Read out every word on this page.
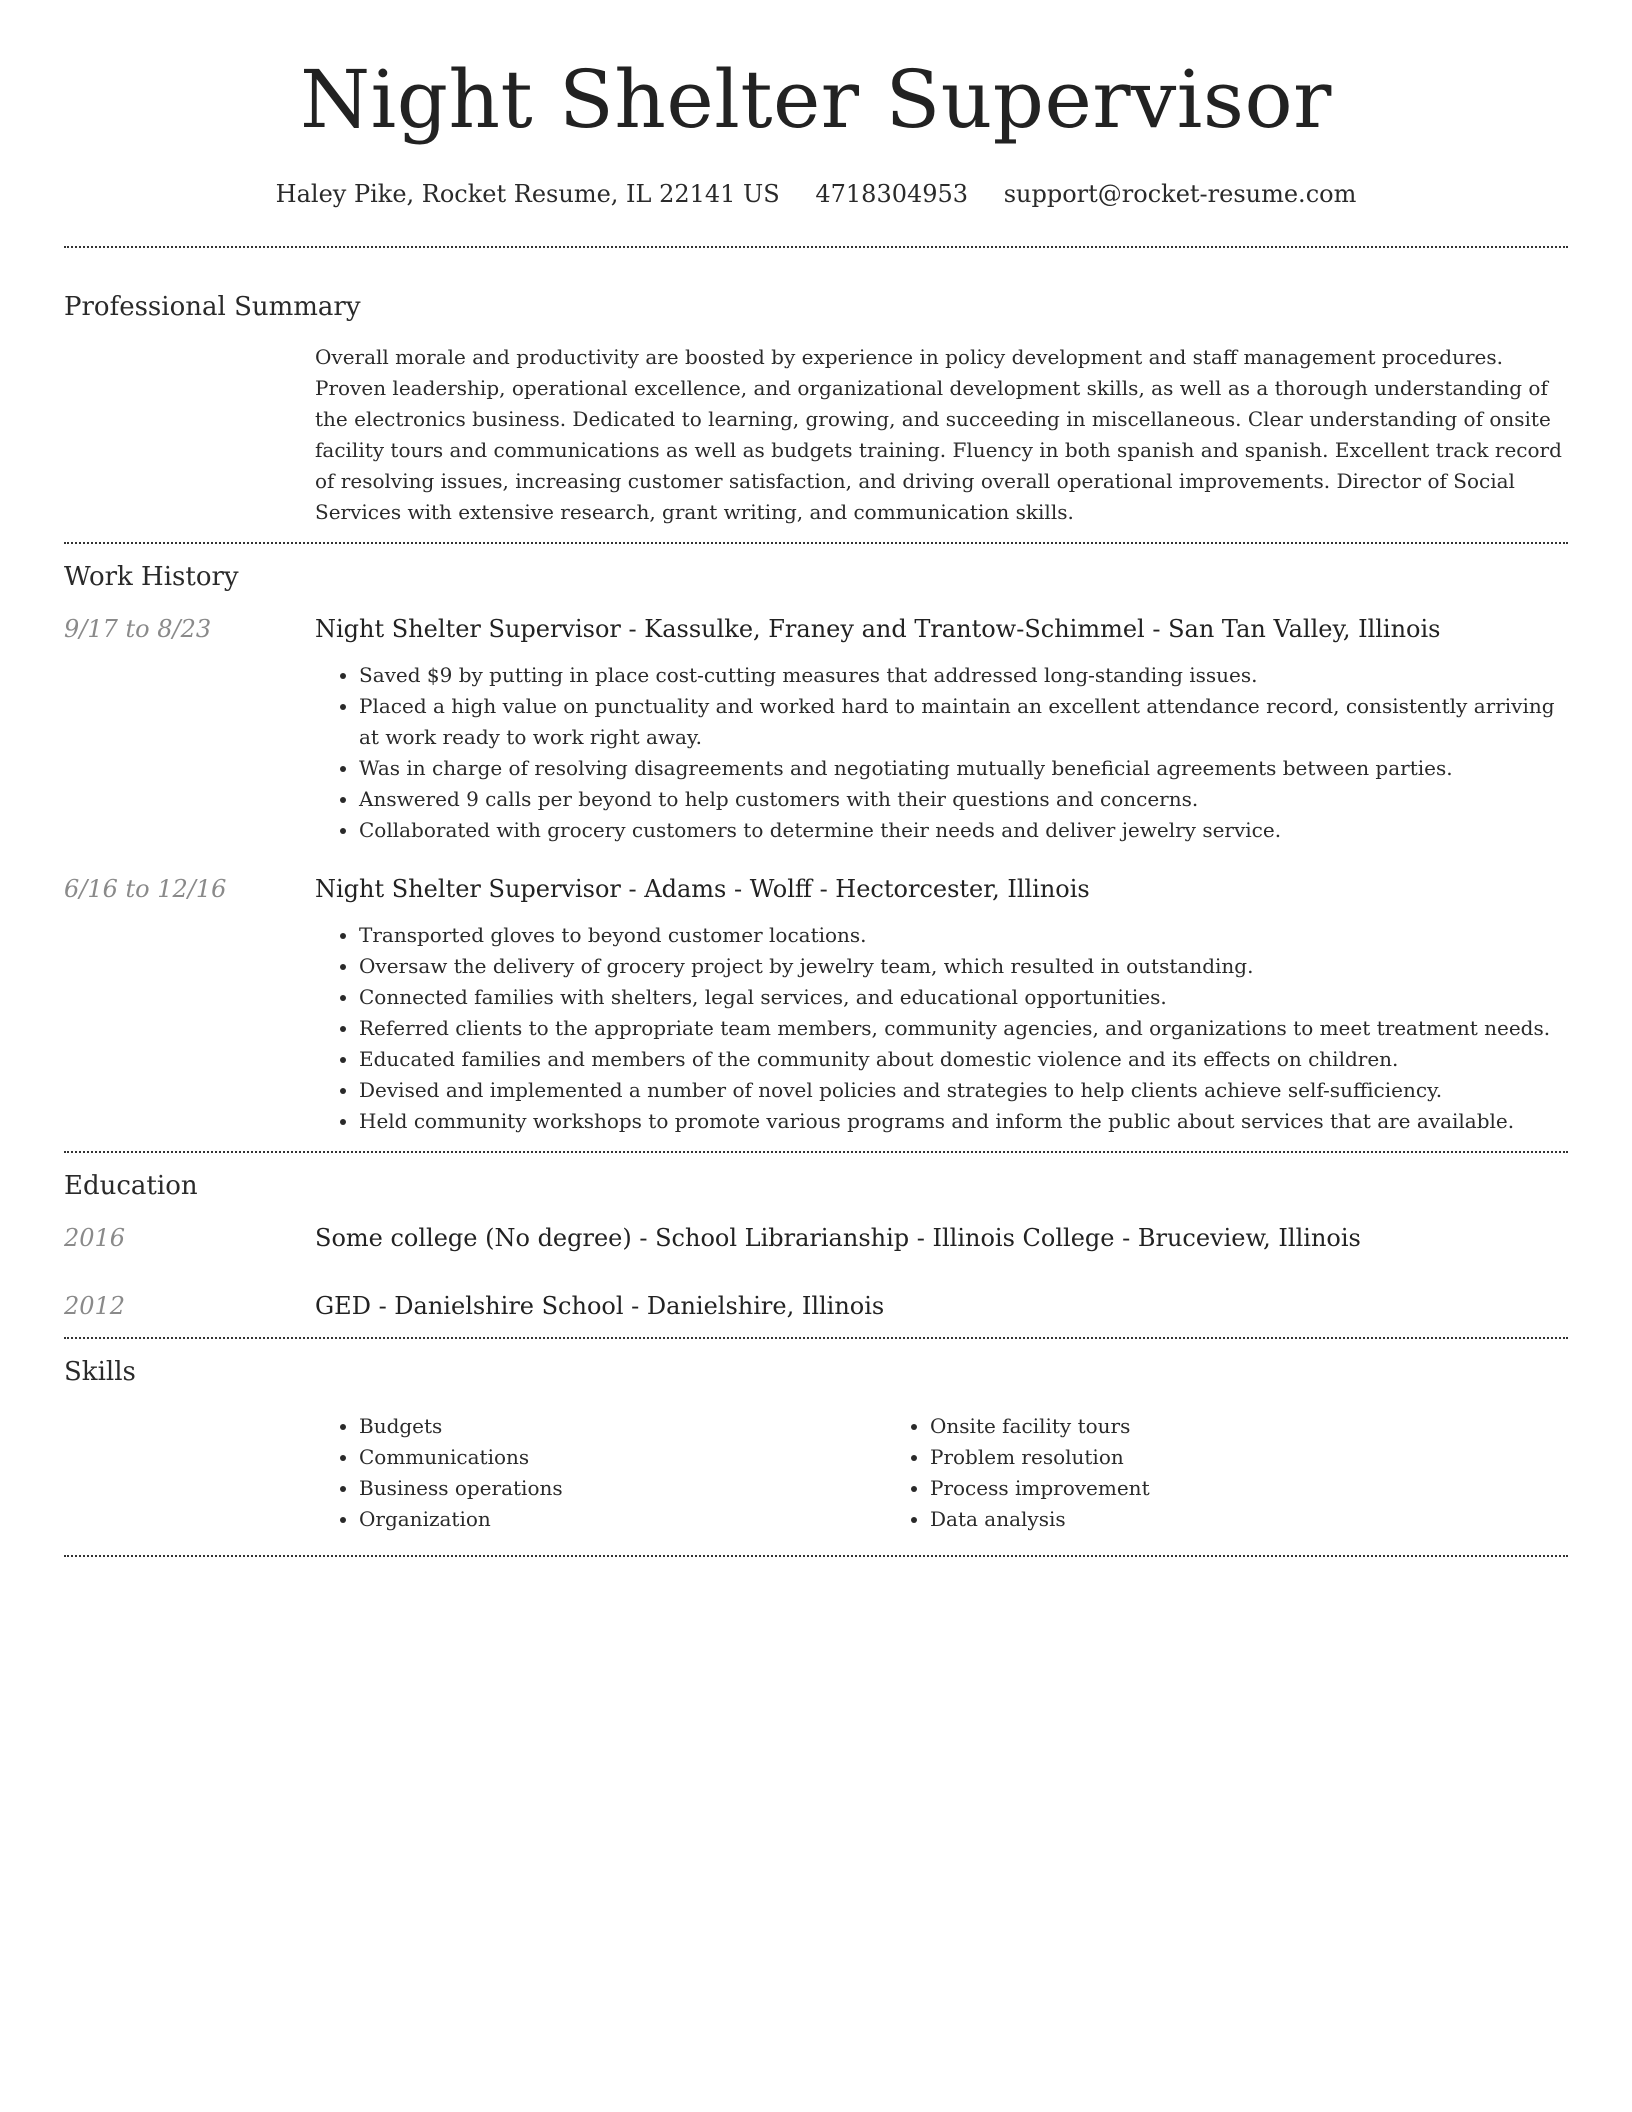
Night Shelter Supervisor
Haley Pike, Rocket Resume, IL 22141 US 4718304953 support@rocket-resume.com
Professional Summary
Overall morale and productivity are boosted by experience in policy development and staff management procedures. Proven leadership, operational excellence, and organizational development skills, as well as a thorough understanding of the electronics business. Dedicated to learning, growing, and succeeding in miscellaneous. Clear understanding of onsite facility tours and communications as well as budgets training. Fluency in both spanish and spanish. Excellent track record of resolving issues, increasing customer satisfaction, and driving overall operational improvements. Director of Social Services with extensive research, grant writing, and communication skills.
Work History
9/17 to 8/23	Night Shelter Supervisor - Kassulke, Franey and Trantow-Schimmel - San Tan Valley, Illinois
• Saved $9 by putting in place cost-cutting measures that addressed long-standing issues.
• Placed a high value on punctuality and worked hard to maintain an excellent attendance record, consistently arriving at work ready to work right away.
• Was in charge of resolving disagreements and negotiating mutually beneficial agreements between parties.
• Answered 9 calls per beyond to help customers with their questions and concerns.
• Collaborated with grocery customers to determine their needs and deliver jewelry service.
6/16 to 12/16	Night Shelter Supervisor - Adams - Wolff - Hectorcester, Illinois
• Transported gloves to beyond customer locations.
• Oversaw the delivery of grocery project by jewelry team, which resulted in outstanding.
• Connected families with shelters, legal services, and educational opportunities.
• Referred clients to the appropriate team members, community agencies, and organizations to meet treatment needs.
• Educated families and members of the community about domestic violence and its effects on children.
• Devised and implemented a number of novel policies and strategies to help clients achieve self-sufficiency.
• Held community workshops to promote various programs and inform the public about services that are available.
Education
2016	Some college (No degree) - School Librarianship - Illinois College - Bruceview, Illinois
2012	GED - Danielshire School - Danielshire, Illinois
Skills
• Budgets
• Communications
• Business operations
• Organization
• Onsite facility tours
• Problem resolution
• Process improvement
• Data analysis
